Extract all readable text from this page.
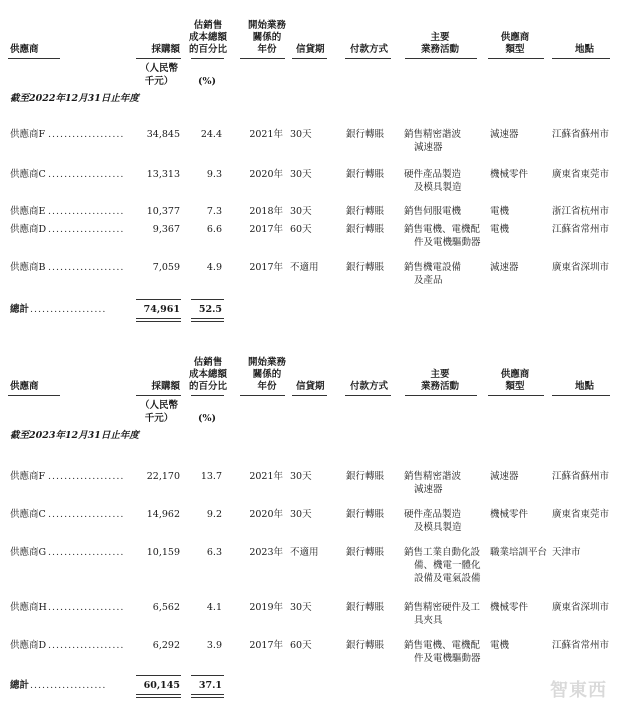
供應商	採購額
估銷售
成本總額
的百分比
開始業務
關係的
年份	信貸期	付款方式
主要
業務活動
供應商
類型	地點
（人民幣
千元）	(%)
截至2022年12月31日止年度
供應商F ...................	34,845	24.4	2021年 30天	銀行轉賬 銷售精密諧波
減速器
減速器	江蘇省蘇州市
供應商C ...................	13,313	9.3	2020年 30天	銀行轉賬 硬件產品製造
及模具製造
機械零件	廣東省東莞市
供應商E ...................	10,377	7.3	2018年 30天	銀行轉賬 銷售伺服電機	電機	浙江省杭州市
供應商D ...................	9,367	6.6	2017年 60天	銀行轉賬 銷售電機、電機配
件及電機驅動器
電機	江蘇省常州市
供應商B ...................	7,059	4.9	2017年 不適用	銀行轉賬 銷售機電設備
及產品
減速器	廣東省深圳市
總計 ...................	74,961	52.5
供應商	採購額
估銷售
成本總額
的百分比
開始業務
關係的
年份	信貸期	付款方式
主要
業務活動
供應商
類型	地點
（人民幣
千元）	(%)
截至2023年12月31日止年度
供應商F ...................	22,170	13.7	2021年 30天	銀行轉賬 銷售精密諧波
減速器
減速器	江蘇省蘇州市
供應商C ...................	14,962	9.2	2020年 30天	銀行轉賬 硬件產品製造
及模具製造
機械零件	廣東省東莞市
供應商G ...................	10,159	6.3	2023年 不適用	銀行轉賬 銷售工業自動化設
備、機電一體化
設備及電氣設備
職業培訓平台 天津市
供應商H ...................	6,562	4.1	2019年 30天	銀行轉賬 銷售精密硬件及工
具夾具
機械零件	廣東省深圳市
供應商D ...................	6,292	3.9	2017年 60天	銀行轉賬 銷售電機、電機配
件及電機驅動器
電機	江蘇省常州市
總計 ...................	60,145	37.1	智東西
